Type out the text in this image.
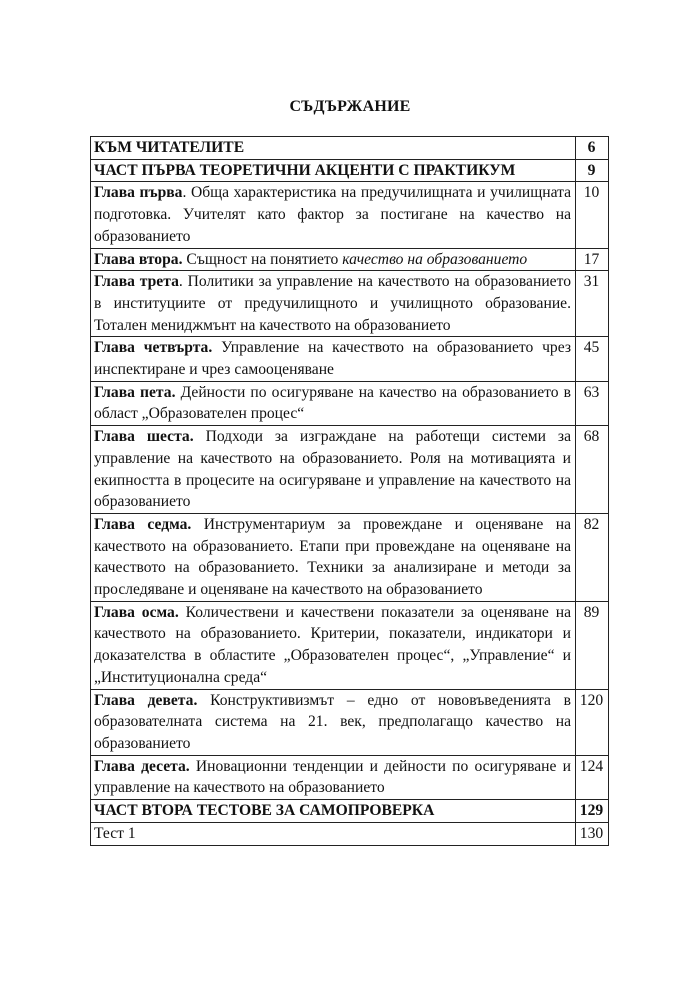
СЪДЪРЖАНИЕ
КЪМ ЧИТАТЕЛИТЕ	6
ЧАСТ ПЪРВА ТЕОРЕТИЧНИ АКЦЕНТИ С ПРАКТИКУМ	9
Глава първа. Обща характеристика на предучилищната и училищната подготовка. Учителят като фактор за постигане на качество на образованието	10
Глава втора. Същност на понятието качество на образованието	17
Глава трета. Политики за управление на качеството на образованието в институциите от предучилищното и училищното образование. Тотален мениджмънт на качеството на образованието	31
Глава четвърта. Управление на качеството на образованието чрез инспектиране и чрез самооценяване	45
Глава пета. Дейности по осигуряване на качество на образованието в област „Образователен процес“	63
Глава шеста. Подходи за изграждане на работещи системи за управление на качеството на образованието. Роля на мотивацията и екипността в процесите на осигуряване и управление на качеството на образованието	68
Глава седма. Инструментариум за провеждане и оценяване на качеството на образованието. Етапи при провеждане на оценяване на качеството на образованието. Техники за анализиране и методи за проследяване и оценяване на качеството на образованието	82
Глава осма. Количествени и качествени показатели за оценяване на качеството на образованието. Критерии, показатели, индикатори и доказателства в областите „Образователен процес“, „Управление“ и „Институционална среда“	89
Глава девета. Конструктивизмът – едно от нововъведенията в образователната система на 21. век, предполагащо качество на образованието	120
Глава десета. Иновационни тенденции и дейности по осигуряване и управление на качеството на образованието	124
ЧАСТ ВТОРА ТЕСТОВЕ ЗА САМОПРОВЕРКА	129
Тест 1	130
